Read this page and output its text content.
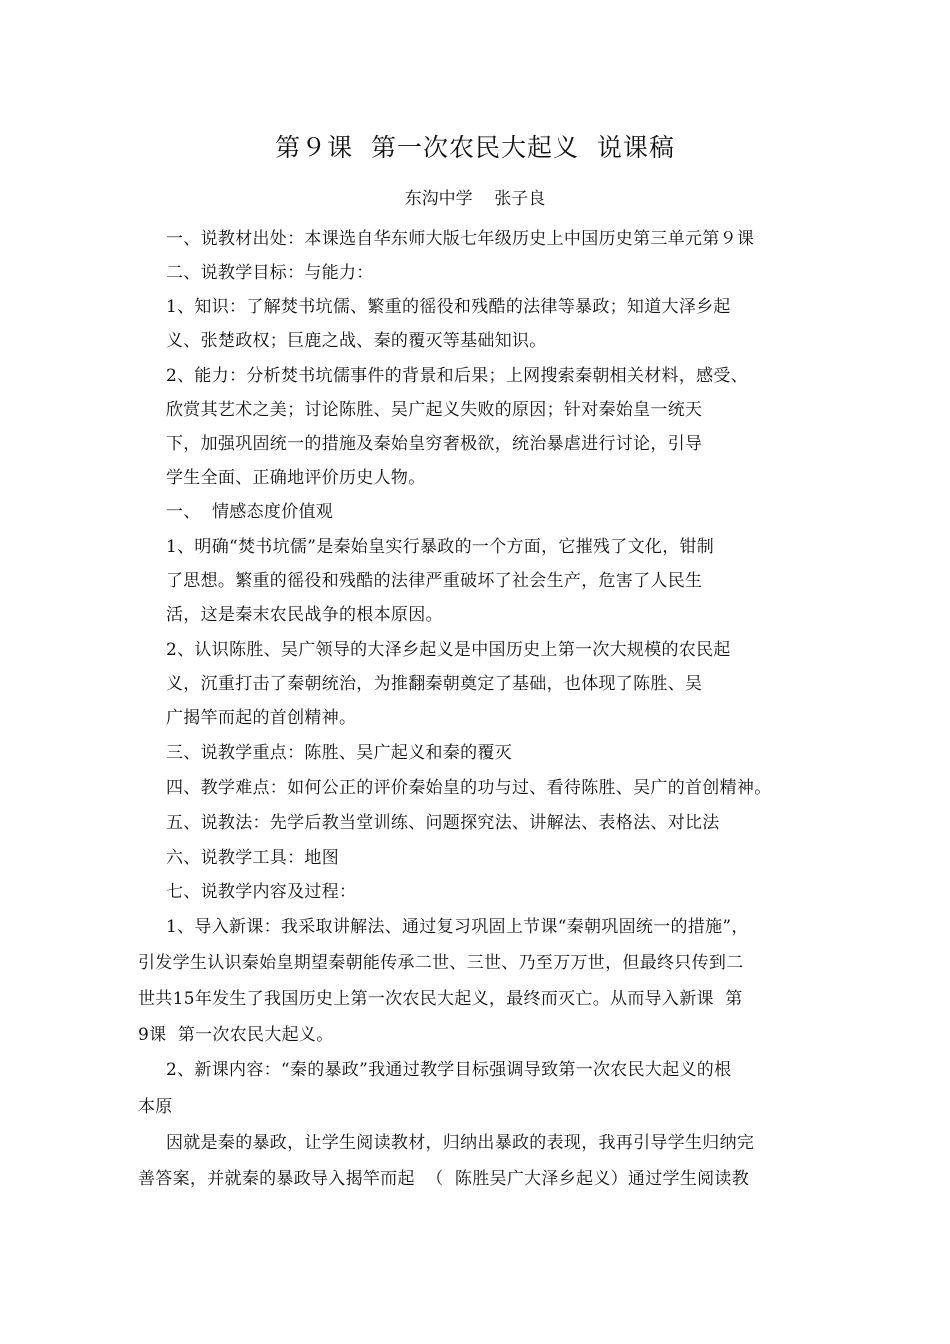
第９课  第一次农民大起义  说课稿
东沟中学    张子良
一、说教材出处：本课选自华东师大版七年级历史上中国历史第三单元第９课
二、说教学目标：与能力：
1、知识：了解焚书坑儒、繁重的徭役和残酷的法律等暴政；知道大泽乡起
义、张楚政权；巨鹿之战、秦的覆灭等基础知识。
2、能力：分析焚书坑儒事件的背景和后果；上网搜索秦朝相关材料，感受、
欣赏其艺术之美；讨论陈胜、吴广起义失败的原因；针对秦始皇一统天
下，加强巩固统一的措施及秦始皇穷奢极欲，统治暴虐进行讨论，引导
学生全面、正确地评价历史人物。
一、  情感态度价值观
1、明确“焚书坑儒”是秦始皇实行暴政的一个方面，它摧残了文化，钳制
了思想。繁重的徭役和残酷的法律严重破坏了社会生产，危害了人民生
活，这是秦末农民战争的根本原因。
2、认识陈胜、吴广领导的大泽乡起义是中国历史上第一次大规模的农民起
义，沉重打击了秦朝统治，为推翻秦朝奠定了基础，也体现了陈胜、吴
广揭竿而起的首创精神。
三、说教学重点：陈胜、吴广起义和秦的覆灭
四、教学难点：如何公正的评价秦始皇的功与过、看待陈胜、吴广的首创精神。
五、说教法：先学后教当堂训练、问题探究法、讲解法、表格法、对比法
六、说教学工具：地图
七、说教学内容及过程：
1、导入新课：我采取讲解法、通过复习巩固上节课“秦朝巩固统一的措施”，
引发学生认识秦始皇期望秦朝能传承二世、三世、乃至万万世，但最终只传到二
世共15年发生了我国历史上第一次农民大起义，最终而灭亡。从而导入新课  第
9课  第一次农民大起义。
2、新课内容：“秦的暴政”我通过教学目标强调导致第一次农民大起义的根
本原
因就是秦的暴政，让学生阅读教材，归纳出暴政的表现，我再引导学生归纳完
善答案，并就秦的暴政导入揭竿而起  （  陈胜吴广大泽乡起义）通过学生阅读教
